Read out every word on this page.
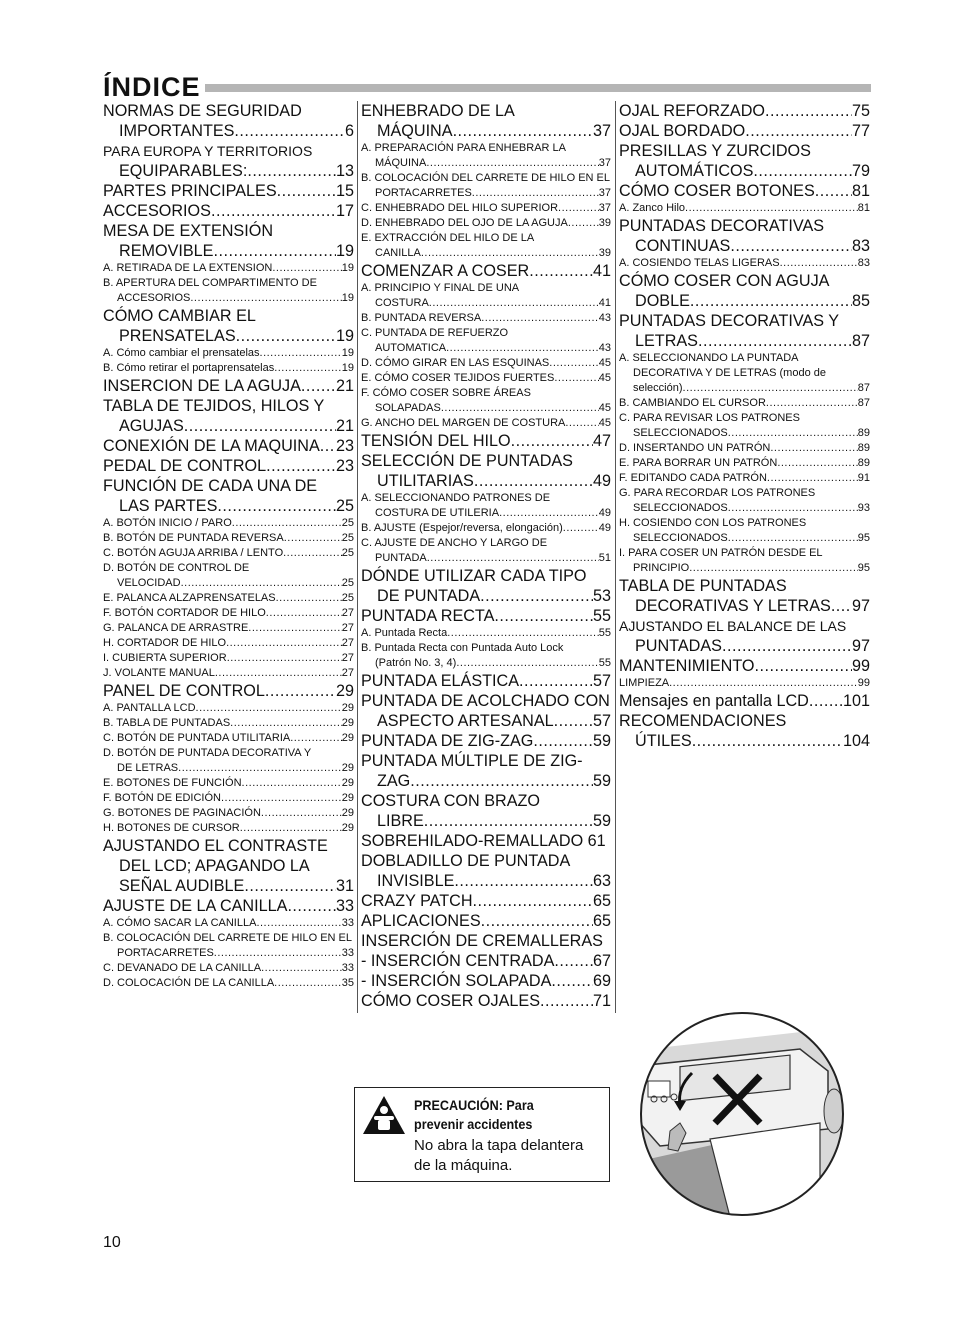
ÍNDICE
NORMAS DE SEGURIDAD
IMPORTANTES .....	6
PARA EUROPA Y TERRITORIOS
EQUIPARABLES: .....	13
PARTES PRINCIPALES .....	15
ACCESORIOS .....	17
MESA DE EXTENSIÓN
REMOVIBLE .....	19
A. RETIRADA DE LA EXTENSION .....	19
B. APERTURA DEL COMPARTIMENTO DE
ACCESORIOS .....	19
CÓMO CAMBIAR EL
PRENSATELAS .....	19
A. Cómo cambiar el prensatelas .....	19
B. Cómo retirar el portaprensatelas .....	19
INSERCION DE LA AGUJA ..... 21
TABLA DE TEJIDOS, HILOS Y
AGUJAS .....	21
CONEXIÓN DE LA MAQUINA ..... 23
PEDAL DE CONTROL .....	23
FUNCIÓN DE CADA UNA DE
LAS PARTES .....	25
A. BOTÓN INICIO / PARO .....	25
B. BOTÓN DE PUNTADA REVERSA .....	25
C. BOTÓN AGUJA ARRIBA / LENTO .....	25
D. BOTÓN DE CONTROL DE
VELOCIDAD .....	25
E. PALANCA ALZAPRENSATELAS .....	25
F. BOTÓN CORTADOR DE HILO .....	27
G. PALANCA DE ARRASTRE .....	27
H. CORTADOR DE HILO .....	27
I. CUBIERTA SUPERIOR .....	27
J. VOLANTE MANUAL .....	27
PANEL DE CONTROL .....	29
A. PANTALLA LCD .....	29
B. TABLA DE PUNTADAS .....	29
C. BOTÓN DE PUNTADA UTILITARIA .....	29
D. BOTÓN DE PUNTADA DECORATIVA Y
DE LETRAS .....	29
E. BOTONES DE FUNCIÓN .....	29
F. BOTÓN DE EDICIÓN .....	29
G. BOTONES DE PAGINACIÓN .....	29
H. BOTONES DE CURSOR .....	29
AJUSTANDO EL CONTRASTE
DEL LCD; APAGANDO LA
SEÑAL AUDIBLE .....	31
AJUSTE DE LA CANILLA .....	33
A. CÓMO SACAR LA CANILLA .....	33
B. COLOCACIÓN DEL CARRETE DE HILO EN EL
PORTACARRETES .....	33
C. DEVANADO DE LA CANILLA .....	33
D. COLOCACIÓN DE LA CANILLA .....	35
ENHEBRADO DE LA
MÁQUINA .....	37
A. PREPARACIÓN PARA ENHEBRAR LA
MÁQUINA .....	37
B. COLOCACIÓN DEL CARRETE DE HILO EN EL
PORTACARRETES .....	37
C. ENHEBRADO DEL HILO SUPERIOR .....	37
D. ENHEBRADO DEL OJO DE LA AGUJA .....	39
E. EXTRACCIÓN DEL HILO DE LA
CANILLA .....	39
COMENZAR A COSER .....	41
A. PRINCIPIO Y FINAL DE UNA
COSTURA .....	41
B. PUNTADA REVERSA .....	43
C. PUNTADA DE REFUERZO
AUTOMATICA .....	43
D. CÓMO GIRAR EN LAS ESQUINAS .....	45
E. CÓMO COSER TEJIDOS FUERTES .....	45
F. CÓMO COSER SOBRE ÁREAS
SOLAPADAS .....	45
G. ANCHO DEL MARGEN DE COSTURA .....	45
TENSIÓN DEL HILO .....	47
SELECCIÓN DE PUNTADAS
UTILITARIAS .....	49
A. SELECCIONANDO PATRONES DE
COSTURA DE UTILERIA .....	49
B. AJUSTE (Espejor/reversa, elongación) .....	49
C. AJUSTE DE ANCHO Y LARGO DE
PUNTADA .....	51
DÓNDE UTILIZAR CADA TIPO
DE PUNTADA .....	53
PUNTADA RECTA .....	55
A. Puntada Recta .....	55
B. Puntada Recta con Puntada Auto Lock
(Patrón No. 3, 4) .....	55
PUNTADA ELÁSTICA .....	57
PUNTADA DE ACOLCHADO CON
ASPECTO ARTESANAL ..... 57
PUNTADA DE ZIG-ZAG .....	59
PUNTADA MÚLTIPLE DE ZIG-
ZAG .....	59
COSTURA CON BRAZO
LIBRE .....	59
SOBREHILADO-REMALLADO 61
DOBLADILLO DE PUNTADA
INVISIBLE .....	63
CRAZY PATCH .....	65
APLICACIONES .....	65
INSERCIÓN DE CREMALLERAS
- INSERCIÓN CENTRADA ..... 67
- INSERCIÓN SOLAPADA .....	69
CÓMO COSER OJALES .....	71
OJAL REFORZADO .....	75
OJAL BORDADO .....	77
PRESILLAS Y ZURCIDOS
AUTOMÁTICOS .....	79
CÓMO COSER BOTONES ..... 81
A. Zanco Hilo .....	81
PUNTADAS DECORATIVAS
CONTINUAS .....	83
A. COSIENDO TELAS LIGERAS .....	83
CÓMO COSER CON AGUJA
DOBLE .....	85
PUNTADAS DECORATIVAS Y
LETRAS .....	87
A. SELECCIONANDO LA PUNTADA
DECORATIVA Y DE LETRAS (modo de
selección) .....	87
B. CAMBIANDO EL CURSOR .....	87
C. PARA REVISAR LOS PATRONES
SELECCIONADOS .....	89
D. INSERTANDO UN PATRÓN .....	89
E. PARA BORRAR UN PATRÓN .....	89
F. EDITANDO CADA PATRÓN .....	91
G. PARA RECORDAR LOS PATRONES
SELECCIONADOS .....	93
H. COSIENDO CON LOS PATRONES
SELECCIONADOS .....	95
I. PARA COSER UN PATRÓN DESDE EL
PRINCIPIO .....	95
TABLA DE PUNTADAS
DECORATIVAS Y LETRAS ..... 97
AJUSTANDO EL BALANCE DE LAS
PUNTADAS .....	97
MANTENIMIENTO .....	99
LIMPIEZA .....	99
Mensajes en pantalla LCD ..... 101
RECOMENDACIONES
ÚTILES .....	104
PRECAUCIÓN: Para
prevenir accidentes
No abra la tapa delantera
de la máquina.
10
